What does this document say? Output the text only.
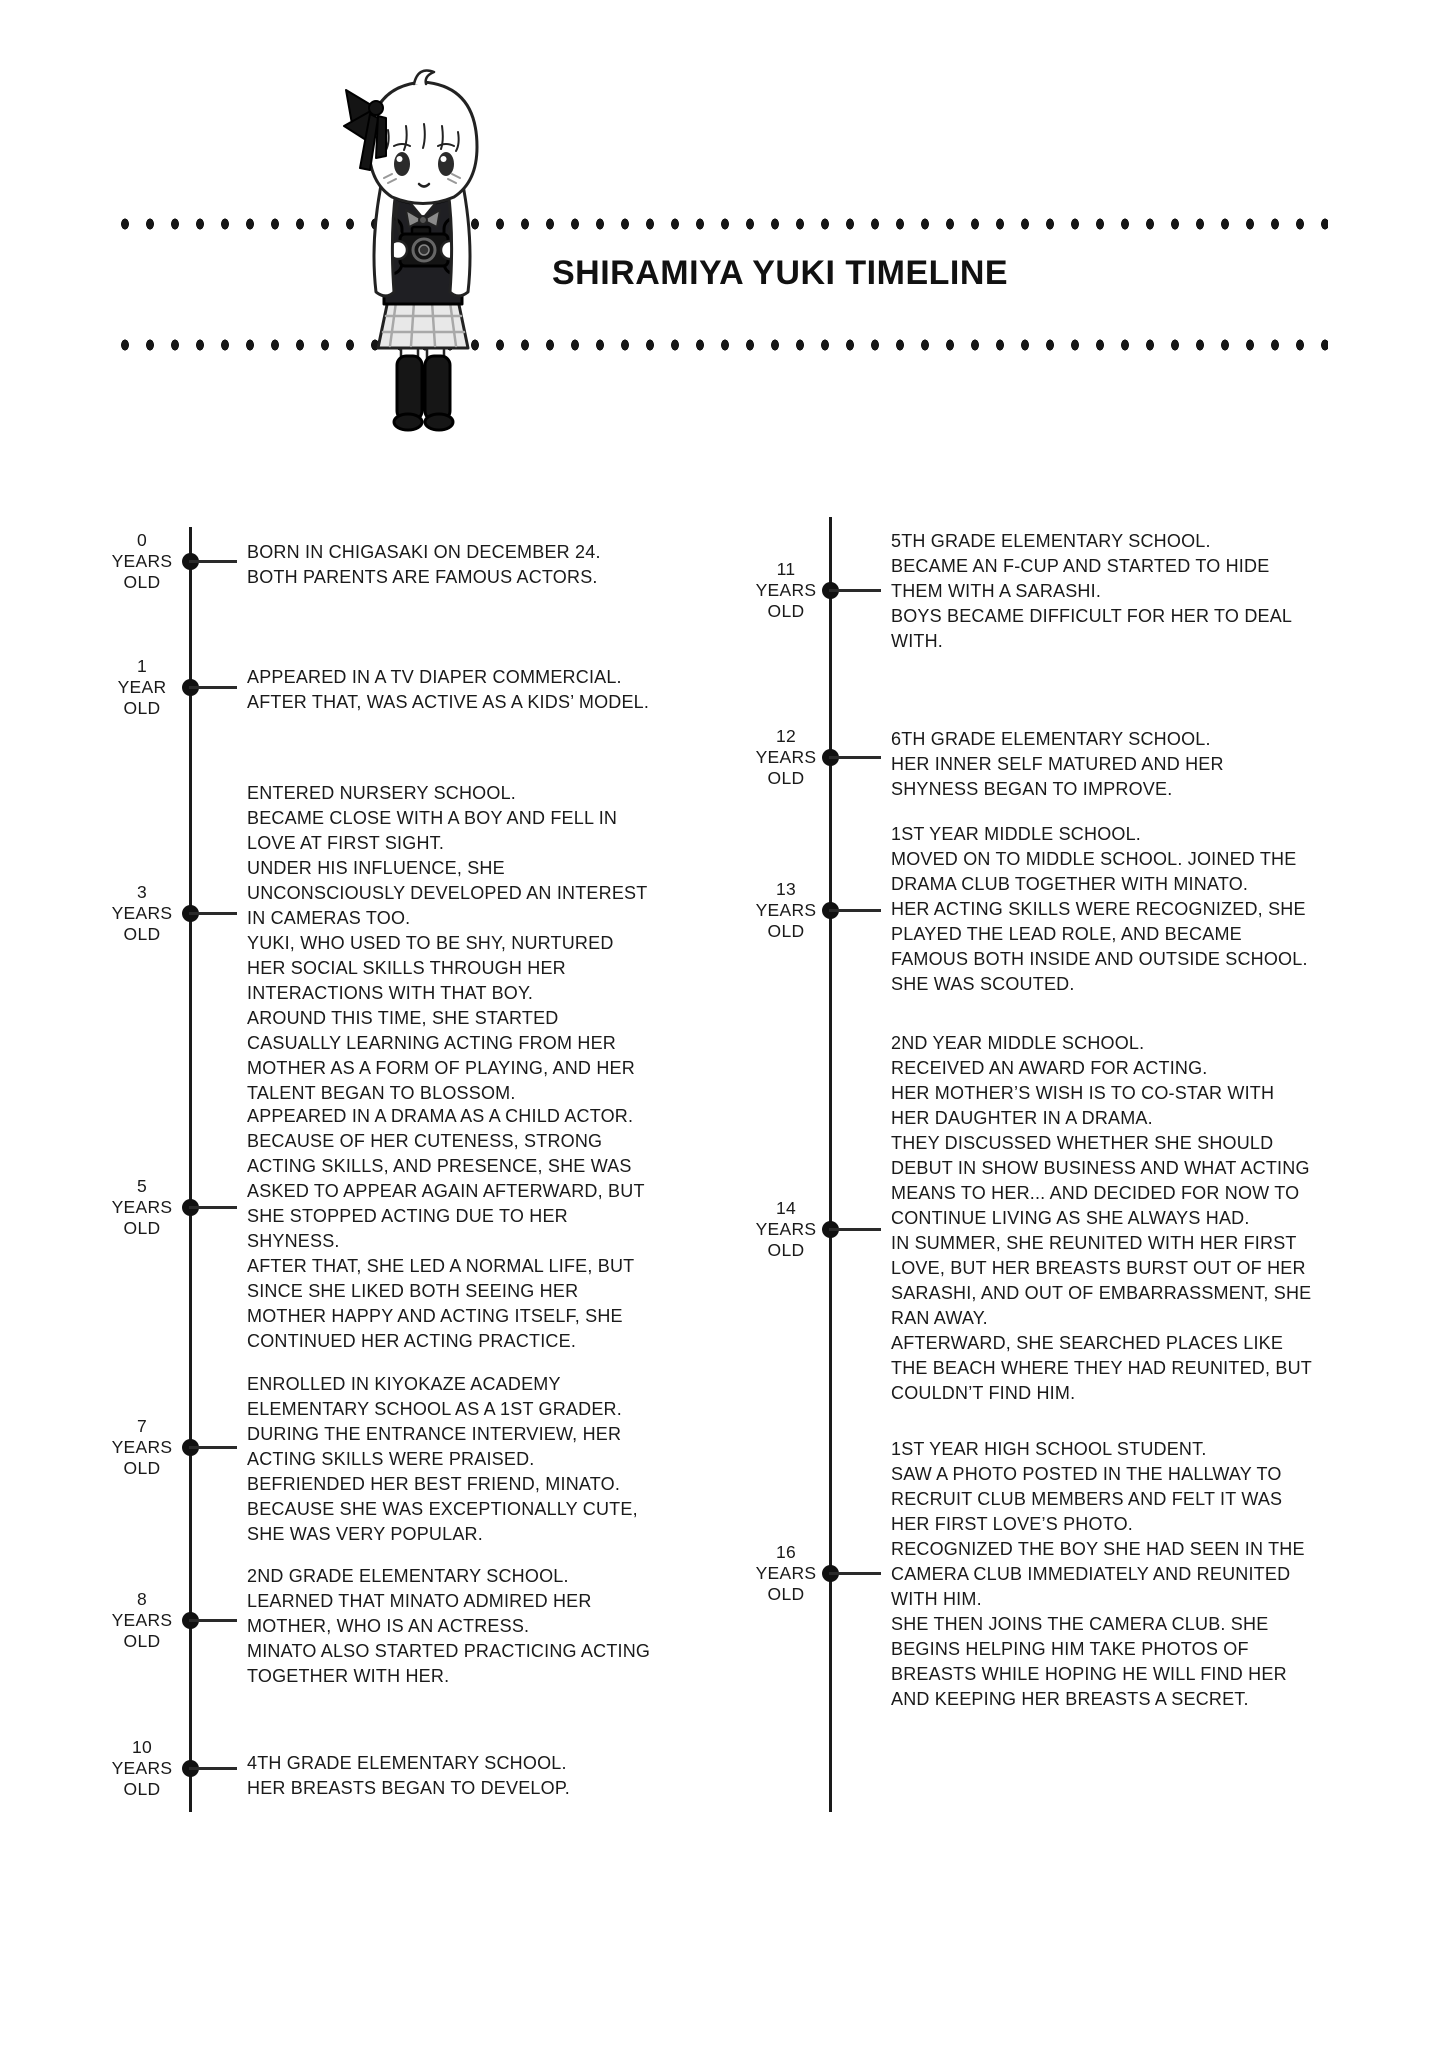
SHIRAMIYA YUKI TIMELINE
0
YEARS
OLD
BORN IN CHIGASAKI ON DECEMBER 24.
BOTH PARENTS ARE FAMOUS ACTORS.
1
YEAR
OLD
APPEARED IN A TV DIAPER COMMERCIAL.
AFTER THAT, WAS ACTIVE AS A KIDS’ MODEL.
3
YEARS
OLD
ENTERED NURSERY SCHOOL.
BECAME CLOSE WITH A BOY AND FELL IN LOVE AT FIRST SIGHT.
UNDER HIS INFLUENCE, SHE UNCONSCIOUSLY DEVELOPED AN INTEREST IN CAMERAS TOO.
YUKI, WHO USED TO BE SHY, NURTURED HER SOCIAL SKILLS THROUGH HER INTERACTIONS WITH THAT BOY.
AROUND THIS TIME, SHE STARTED CASUALLY LEARNING ACTING FROM HER MOTHER AS A FORM OF PLAYING, AND HER TALENT BEGAN TO BLOSSOM.
5
YEARS
OLD
APPEARED IN A DRAMA AS A CHILD ACTOR.
BECAUSE OF HER CUTENESS, STRONG ACTING SKILLS, AND PRESENCE, SHE WAS ASKED TO APPEAR AGAIN AFTERWARD, BUT SHE STOPPED ACTING DUE TO HER SHYNESS.
AFTER THAT, SHE LED A NORMAL LIFE, BUT SINCE SHE LIKED BOTH SEEING HER MOTHER HAPPY AND ACTING ITSELF, SHE CONTINUED HER ACTING PRACTICE.
7
YEARS
OLD
ENROLLED IN KIYOKAZE ACADEMY ELEMENTARY SCHOOL AS A 1ST GRADER.
DURING THE ENTRANCE INTERVIEW, HER ACTING SKILLS WERE PRAISED.
BEFRIENDED HER BEST FRIEND, MINATO.
BECAUSE SHE WAS EXCEPTIONALLY CUTE, SHE WAS VERY POPULAR.
8
YEARS
OLD
2ND GRADE ELEMENTARY SCHOOL.
LEARNED THAT MINATO ADMIRED HER MOTHER, WHO IS AN ACTRESS.
MINATO ALSO STARTED PRACTICING ACTING TOGETHER WITH HER.
10
YEARS
OLD
4TH GRADE ELEMENTARY SCHOOL.
HER BREASTS BEGAN TO DEVELOP.
11
YEARS
OLD
5TH GRADE ELEMENTARY SCHOOL.
BECAME AN F-CUP AND STARTED TO HIDE THEM WITH A SARASHI.
BOYS BECAME DIFFICULT FOR HER TO DEAL WITH.
12
YEARS
OLD
6TH GRADE ELEMENTARY SCHOOL.
HER INNER SELF MATURED AND HER SHYNESS BEGAN TO IMPROVE.
13
YEARS
OLD
1ST YEAR MIDDLE SCHOOL.
MOVED ON TO MIDDLE SCHOOL. JOINED THE DRAMA CLUB TOGETHER WITH MINATO.
HER ACTING SKILLS WERE RECOGNIZED, SHE PLAYED THE LEAD ROLE, AND BECAME FAMOUS BOTH INSIDE AND OUTSIDE SCHOOL.
SHE WAS SCOUTED.
14
YEARS
OLD
2ND YEAR MIDDLE SCHOOL.
RECEIVED AN AWARD FOR ACTING.
HER MOTHER’S WISH IS TO CO-STAR WITH HER DAUGHTER IN A DRAMA.
THEY DISCUSSED WHETHER SHE SHOULD DEBUT IN SHOW BUSINESS AND WHAT ACTING MEANS TO HER... AND DECIDED FOR NOW TO CONTINUE LIVING AS SHE ALWAYS HAD.
IN SUMMER, SHE REUNITED WITH HER FIRST LOVE, BUT HER BREASTS BURST OUT OF HER SARASHI, AND OUT OF EMBARRASSMENT, SHE RAN AWAY.
AFTERWARD, SHE SEARCHED PLACES LIKE THE BEACH WHERE THEY HAD REUNITED, BUT COULDN’T FIND HIM.
16
YEARS
OLD
1ST YEAR HIGH SCHOOL STUDENT.
SAW A PHOTO POSTED IN THE HALLWAY TO RECRUIT CLUB MEMBERS AND FELT IT WAS HER FIRST LOVE’S PHOTO.
RECOGNIZED THE BOY SHE HAD SEEN IN THE CAMERA CLUB IMMEDIATELY AND REUNITED WITH HIM.
SHE THEN JOINS THE CAMERA CLUB. SHE BEGINS HELPING HIM TAKE PHOTOS OF BREASTS WHILE HOPING HE WILL FIND HER AND KEEPING HER BREASTS A SECRET.
